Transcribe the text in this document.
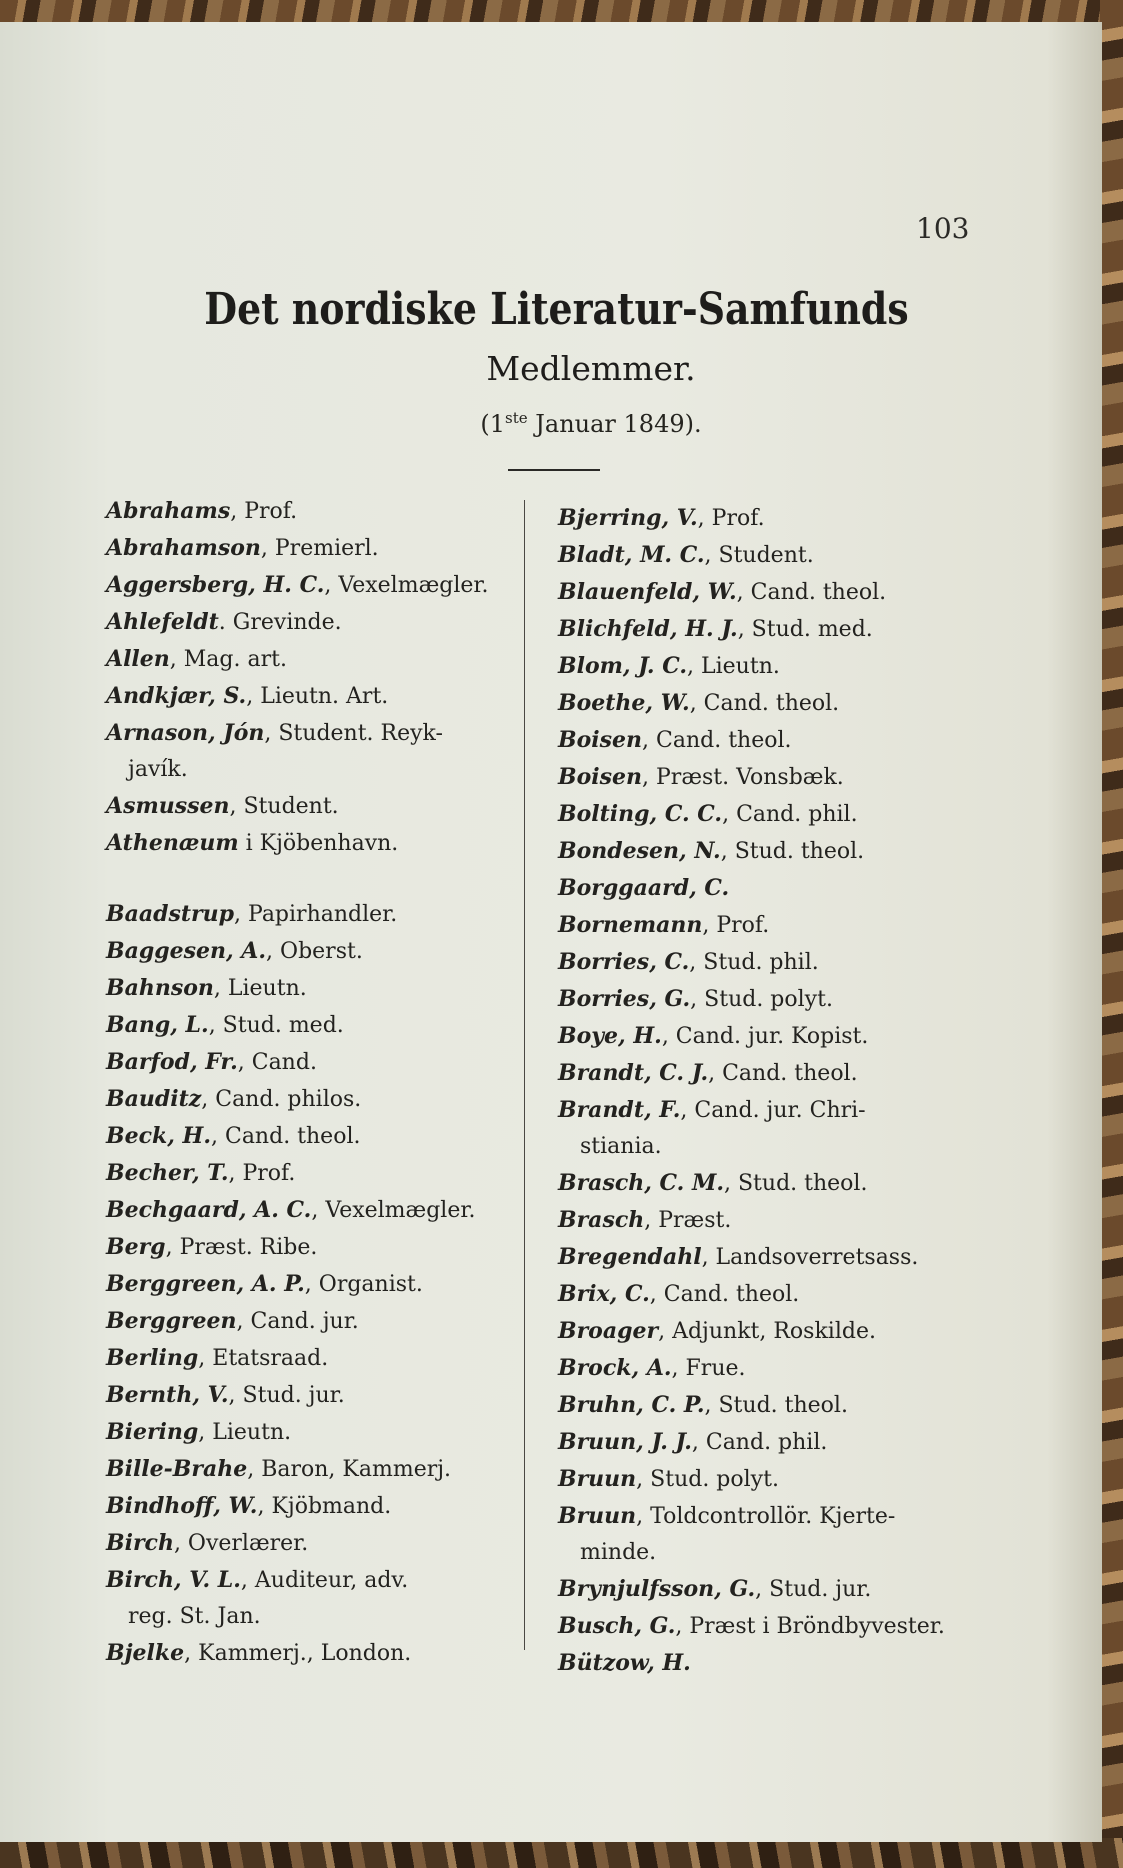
103
Det nordiske Literatur-Samfunds
Medlemmer.
(1ste Januar 1849).
Abrahams, Prof.
Abrahamson, Premierl.
Aggersberg, H. C., Vexelmægler.
Ahlefeldt. Grevinde.
Allen, Mag. art.
Andkjær, S., Lieutn. Art.
Arnason, Jón, Student. Reyk-
javík.
Asmussen, Student.
Athenæum i Kjöbenhavn.
Baadstrup, Papirhandler.
Baggesen, A., Oberst.
Bahnson, Lieutn.
Bang, L., Stud. med.
Barfod, Fr., Cand.
Bauditz, Cand. philos.
Beck, H., Cand. theol.
Becher, T., Prof.
Bechgaard, A. C., Vexelmægler.
Berg, Præst. Ribe.
Berggreen, A. P., Organist.
Berggreen, Cand. jur.
Berling, Etatsraad.
Bernth, V., Stud. jur.
Biering, Lieutn.
Bille-Brahe, Baron, Kammerj.
Bindhoff, W., Kjöbmand.
Birch, Overlærer.
Birch, V. L., Auditeur, adv.
reg. St. Jan.
Bjelke, Kammerj., London.
Bjerring, V., Prof.
Bladt, M. C., Student.
Blauenfeld, W., Cand. theol.
Blichfeld, H. J., Stud. med.
Blom, J. C., Lieutn.
Boethe, W., Cand. theol.
Boisen, Cand. theol.
Boisen, Præst. Vonsbæk.
Bolting, C. C., Cand. phil.
Bondesen, N., Stud. theol.
Borggaard, C.
Bornemann, Prof.
Borries, C., Stud. phil.
Borries, G., Stud. polyt.
Boye, H., Cand. jur. Kopist.
Brandt, C. J., Cand. theol.
Brandt, F., Cand. jur. Chri-
stiania.
Brasch, C. M., Stud. theol.
Brasch, Præst.
Bregendahl, Landsoverretsass.
Brix, C., Cand. theol.
Broager, Adjunkt, Roskilde.
Brock, A., Frue.
Bruhn, C. P., Stud. theol.
Bruun, J. J., Cand. phil.
Bruun, Stud. polyt.
Bruun, Toldcontrollör. Kjerte-
minde.
Brynjulfsson, G., Stud. jur.
Busch, G., Præst i Bröndbyvester.
Bützow, H.
